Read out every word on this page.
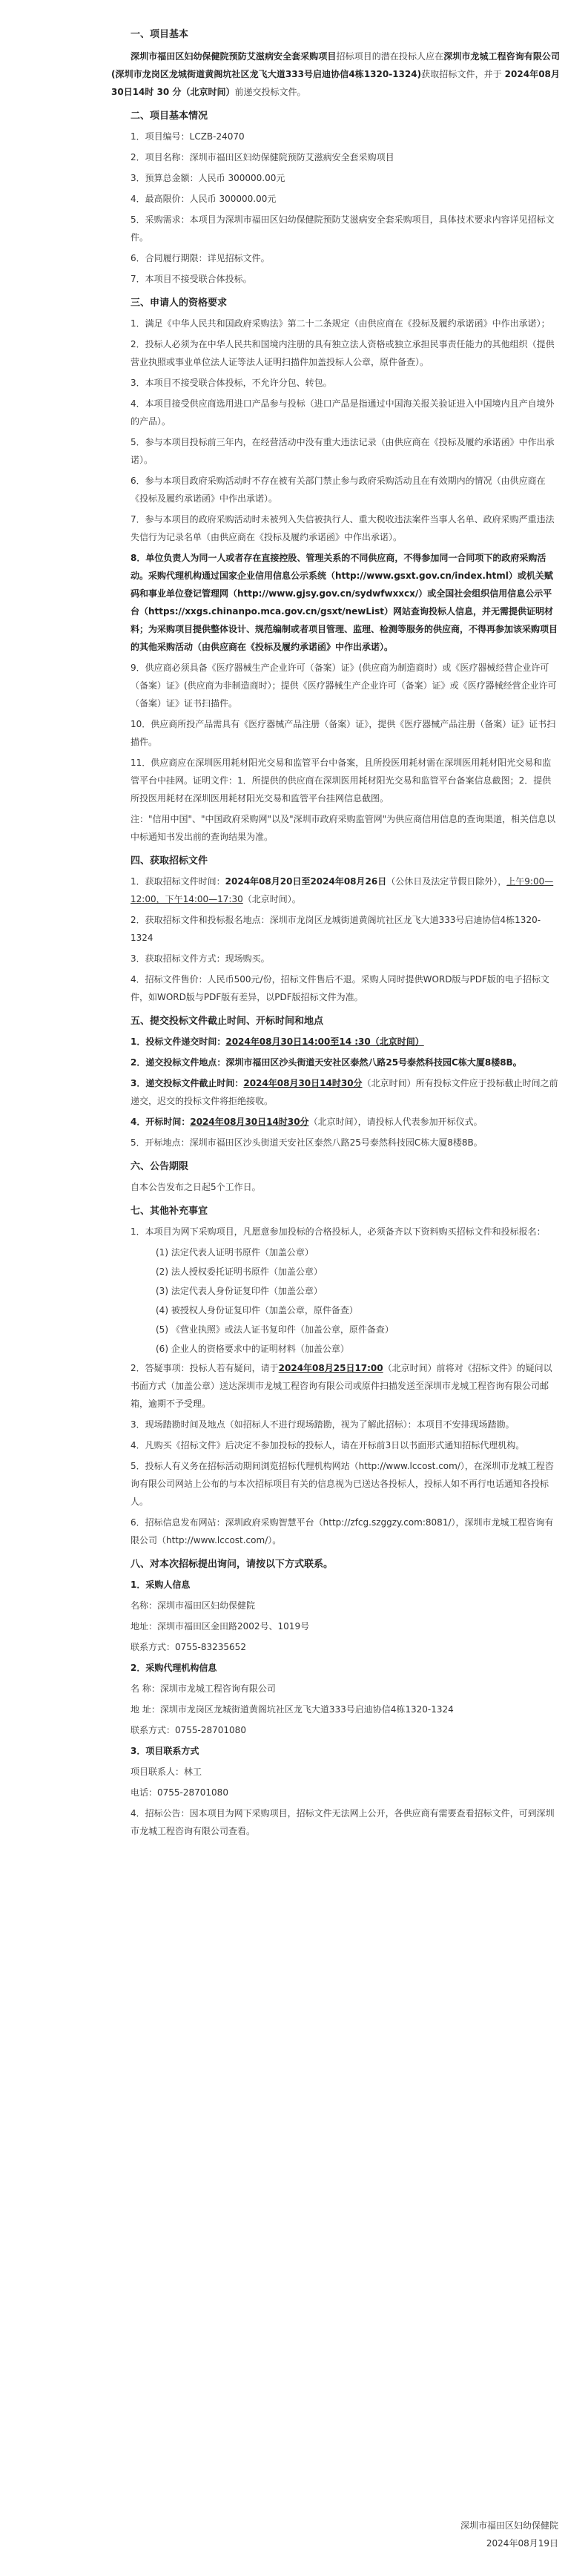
一、项目基本
深圳市福田区妇幼保健院预防艾滋病安全套采购项目招标项目的潜在投标人应在深圳市龙城工程咨询有限公司(深圳市龙岗区龙城街道黄阁坑社区龙飞大道333号启迪协信4栋1320-1324)获取招标文件，并于 2024年08月30日14时 30 分（北京时间）前递交投标文件。
二、项目基本情况
1．项目编号：LCZB-24070
2．项目名称：深圳市福田区妇幼保健院预防艾滋病安全套采购项目
3．预算总金额：人民币 300000.00元
4．最高限价：人民币 300000.00元
5．采购需求：本项目为深圳市福田区妇幼保健院预防艾滋病安全套采购项目，具体技术要求内容详见招标文件。
6．合同履行期限：详见招标文件。
7．本项目不接受联合体投标。
三、申请人的资格要求
1．满足《中华人民共和国政府采购法》第二十二条规定（由供应商在《投标及履约承诺函》中作出承诺）；
2．投标人必须为在中华人民共和国境内注册的具有独立法人资格或独立承担民事责任能力的其他组织（提供营业执照或事业单位法人证等法人证明扫描件加盖投标人公章，原件备查）。
3．本项目不接受联合体投标，不允许分包、转包。
4．本项目接受供应商选用进口产品参与投标（进口产品是指通过中国海关报关验证进入中国境内且产自境外的产品）。
5．参与本项目投标前三年内，在经营活动中没有重大违法记录（由供应商在《投标及履约承诺函》中作出承诺）。
6．参与本项目政府采购活动时不存在被有关部门禁止参与政府采购活动且在有效期内的情况（由供应商在《投标及履约承诺函》中作出承诺）。
7．参与本项目的政府采购活动时未被列入失信被执行人、重大税收违法案件当事人名单、政府采购严重违法失信行为记录名单（由供应商在《投标及履约承诺函》中作出承诺）。
8．单位负责人为同一人或者存在直接控股、管理关系的不同供应商，不得参加同一合同项下的政府采购活动。采购代理机构通过国家企业信用信息公示系统（http://www.gsxt.gov.cn/index.html）或机关赋码和事业单位登记管理网（http://www.gjsy.gov.cn/sydwfwxxcx/）或全国社会组织信用信息公示平台（https://xxgs.chinanpo.mca.gov.cn/gsxt/newList）网站查询投标人信息，并无需提供证明材料；为采购项目提供整体设计、规范编制或者项目管理、监理、检测等服务的供应商，不得再参加该采购项目的其他采购活动（由供应商在《投标及履约承诺函》中作出承诺）。
9．供应商必须具备《医疗器械生产企业许可（备案）证》(供应商为制造商时）或《医疗器械经营企业许可（备案）证》(供应商为非制造商时）；提供《医疗器械生产企业许可（备案）证》或《医疗器械经营企业许可（备案）证》证书扫描件。
10．供应商所投产品需具有《医疗器械产品注册（备案）证》，提供《医疗器械产品注册（备案）证》证书扫描件。
11．供应商应在深圳医用耗材阳光交易和监管平台中备案，且所投医用耗材需在深圳医用耗材阳光交易和监管平台中挂网。证明文件：1．所提供的供应商在深圳医用耗材阳光交易和监管平台备案信息截图；2．提供所投医用耗材在深圳医用耗材阳光交易和监管平台挂网信息截图。
注："信用中国"、"中国政府采购网"以及"深圳市政府采购监管网"为供应商信用信息的查询渠道，相关信息以中标通知书发出前的查询结果为准。
四、获取招标文件
1．获取招标文件时间：2024年08月20日至2024年08月26日（公休日及法定节假日除外），上午9:00—12:00，下午14:00—17:30（北京时间）。
2．获取招标文件和投标报名地点：深圳市龙岗区龙城街道黄阁坑社区龙飞大道333号启迪协信4栋1320-1324
3．获取招标文件方式：现场购买。
4．招标文件售价：人民币500元/份，招标文件售后不退。采购人同时提供WORD版与PDF版的电子招标文件，如WORD版与PDF版有差异，以PDF版招标文件为准。
五、提交投标文件截止时间、开标时间和地点
1．投标文件递交时间：2024年08月30日14:00至14 :30（北京时间）
2．递交投标文件地点：深圳市福田区沙头街道天安社区泰然八路25号泰然科技园C栋大厦8楼8B。
3．递交投标文件截止时间：2024年08月30日14时30分（北京时间）所有投标文件应于投标截止时间之前递交，迟交的投标文件将拒绝接收。
4．开标时间：2024年08月30日14时30分（北京时间），请投标人代表参加开标仪式。
5．开标地点：深圳市福田区沙头街道天安社区泰然八路25号泰然科技园C栋大厦8楼8B。
六、公告期限
自本公告发布之日起5个工作日。
七、其他补充事宜
1．本项目为网下采购项目，凡愿意参加投标的合格投标人，必须备齐以下资料购买招标文件和投标报名：
(1) 法定代表人证明书原件（加盖公章）
(2) 法人授权委托证明书原件（加盖公章）
(3) 法定代表人身份证复印件（加盖公章）
(4) 被授权人身份证复印件（加盖公章，原件备查）
(5) 《营业执照》或法人证书复印件（加盖公章，原件备查）
(6) 企业人的资格要求中的证明材料（加盖公章）
2．答疑事项：投标人若有疑问，请于2024年08月25日17:00（北京时间）前将对《招标文件》的疑问以书面方式（加盖公章）送达深圳市龙城工程咨询有限公司或原件扫描发送至深圳市龙城工程咨询有限公司邮箱，逾期不予受理。
3．现场踏勘时间及地点（如招标人不进行现场踏勘，视为了解此招标）：本项目不安排现场踏勘。
4．凡购买《招标文件》后决定不参加投标的投标人，请在开标前3日以书面形式通知招标代理机构。
5．投标人有义务在招标活动期间浏览招标代理机构网站（http://www.lccost.com/），在深圳市龙城工程咨询有限公司网站上公布的与本次招标项目有关的信息视为已送达各投标人，投标人如不再行电话通知各投标人。
6．招标信息发布网站：深圳政府采购智慧平台（http://zfcg.szggzy.com:8081/），深圳市龙城工程咨询有限公司（http://www.lccost.com/）。
八、对本次招标提出询问，请按以下方式联系。
1．采购人信息
名称：深圳市福田区妇幼保健院
地址：深圳市福田区金田路2002号、1019号
联系方式：0755-83235652
2．采购代理机构信息
名 称：深圳市龙城工程咨询有限公司
地 址：深圳市龙岗区龙城街道黄阁坑社区龙飞大道333号启迪协信4栋1320-1324
联系方式：0755-28701080
3．项目联系方式
项目联系人：林工
电话：0755-28701080
4．招标公告：因本项目为网下采购项目，招标文件无法网上公开，各供应商有需要查看招标文件，可到深圳市龙城工程咨询有限公司查看。
深圳市福田区妇幼保健院
2024年08月19日
